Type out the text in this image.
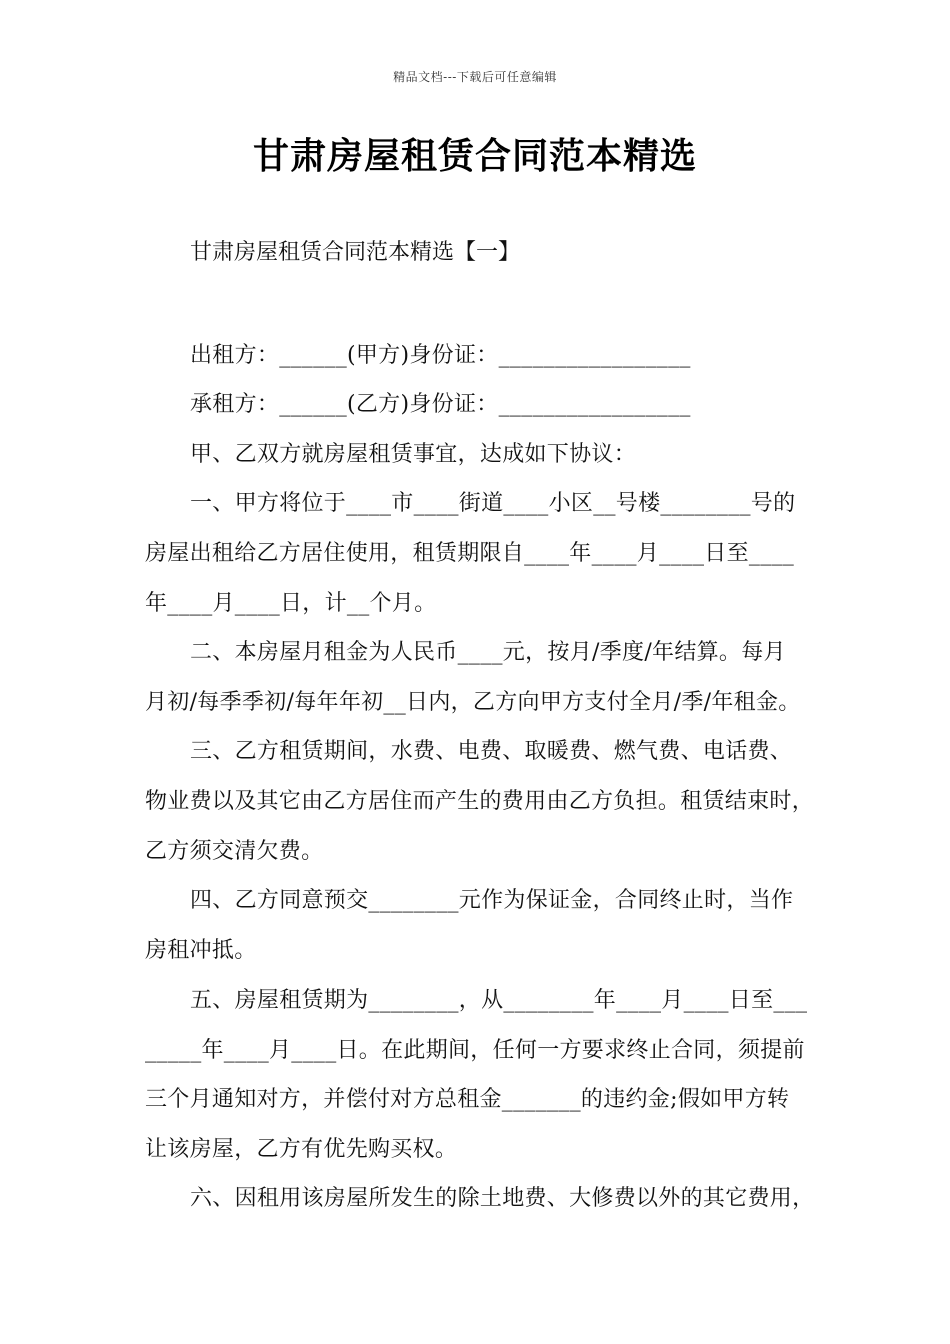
精品文档---下载后可任意编辑
甘肃房屋租赁合同范本精选
甘肃房屋租赁合同范本精选【一】
出租方：______(甲方)身份证：_________________
承租方：______(乙方)身份证：_________________
甲、乙双方就房屋租赁事宜，达成如下协议：
一、甲方将位于____市____街道____小区__号楼________号的
房屋出租给乙方居住使用，租赁期限自____年____月____日至____
年____月____日，计__个月。
二、本房屋月租金为人民币____元，按月/季度/年结算。每月
月初/每季季初/每年年初__日内，乙方向甲方支付全月/季/年租金。
三、乙方租赁期间，水费、电费、取暖费、燃气费、电话费、
物业费以及其它由乙方居住而产生的费用由乙方负担。租赁结束时，
乙方须交清欠费。
四、乙方同意预交________元作为保证金，合同终止时，当作
房租冲抵。
五、房屋租赁期为________，从________年____月____日至___
_____年____月____日。在此期间，任何一方要求终止合同，须提前
三个月通知对方，并偿付对方总租金_______的违约金;假如甲方转
让该房屋，乙方有优先购买权。
六、因租用该房屋所发生的除土地费、大修费以外的其它费用，
